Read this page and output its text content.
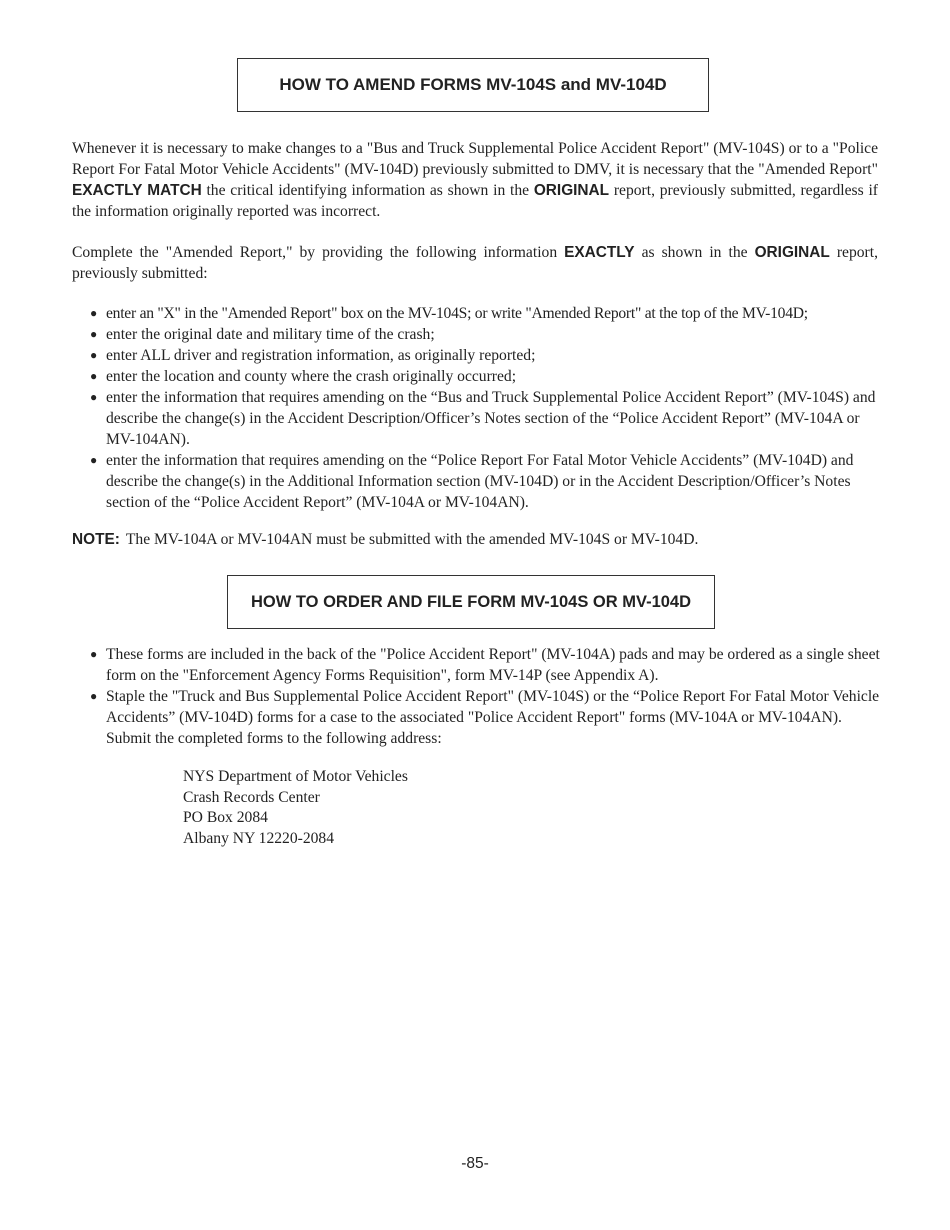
HOW TO AMEND FORMS MV-104S and MV-104D

Whenever it is necessary to make changes to a "Bus and Truck Supplemental Police Accident Report" (MV-104S) or to a "Police Report For Fatal Motor Vehicle Accidents" (MV-104D) previously submitted to DMV, it is necessary that the "Amended Report" EXACTLY MATCH the critical identifying information as shown in the ORIGINAL report, previously submitted, regardless if the information originally reported was incorrect.

Complete the "Amended Report," by providing the following information EXACTLY as shown in the ORIGINAL report, previously submitted:

● enter an "X" in the "Amended Report" box on the MV-104S; or write "Amended Report" at the top of the MV-104D;
● enter the original date and military time of the crash;
● enter ALL driver and registration information, as originally reported;
● enter the location and county where the crash originally occurred;
● enter the information that requires amending on the “Bus and Truck Supplemental Police Accident Report” (MV-104S) and describe the change(s) in the Accident Description/Officer’s Notes section of the “Police Accident Report” (MV-104A or MV-104AN).
● enter the information that requires amending on the “Police Report For Fatal Motor Vehicle Accidents” (MV-104D) and describe the change(s) in the Additional Information section (MV-104D) or in the Accident Description/Officer’s Notes section of the “Police Accident Report” (MV-104A or MV-104AN).
NOTE: The MV-104A or MV-104AN must be submitted with the amended MV-104S or MV-104D.
HOW TO ORDER AND FILE FORM MV-104S OR MV-104D
● These forms are included in the back of the "Police Accident Report" (MV-104A) pads and may be ordered as a single sheet form on the "Enforcement Agency Forms Requisition", form MV-14P (see Appendix A).
● Staple the "Truck and Bus Supplemental Police Accident Report" (MV-104S) or the “Police Report For Fatal Motor Vehicle Accidents” (MV-104D) forms for a case to the associated "Police Accident Report" forms (MV-104A or MV-104AN). Submit the completed forms to the following address:
NYS Department of Motor Vehicles
Crash Records Center
PO Box 2084
Albany NY 12220-2084
-85-
